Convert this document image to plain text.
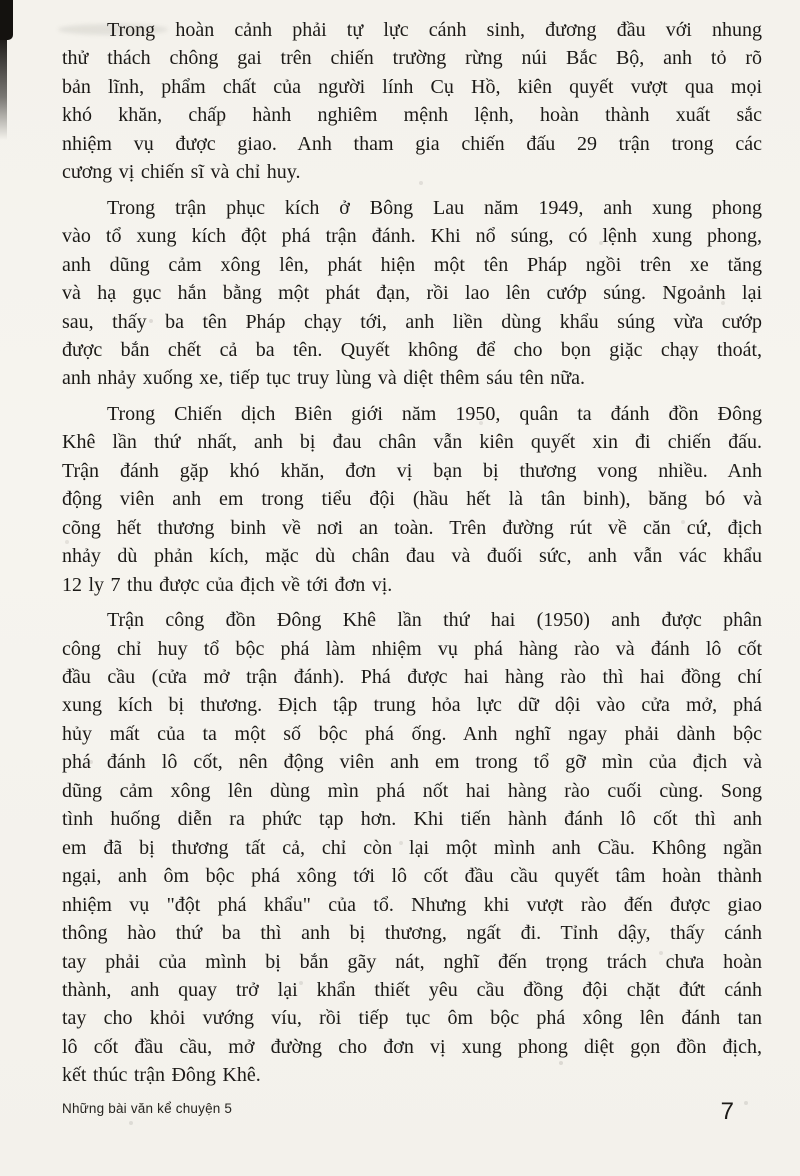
Trong hoàn cảnh phải tự lực cánh sinh, đương đầu với nhung
thử thách chông gai trên chiến trường rừng núi Bắc Bộ, anh tỏ rõ
bản lĩnh, phẩm chất của người lính Cụ Hồ, kiên quyết vượt qua mọi
khó khăn, chấp hành nghiêm mệnh lệnh, hoàn thành xuất sắc
nhiệm vụ được giao. Anh tham gia chiến đấu 29 trận trong các
cương vị chiến sĩ và chỉ huy.
Trong trận phục kích ở Bông Lau năm 1949, anh xung phong
vào tổ xung kích đột phá trận đánh. Khi nổ súng, có lệnh xung phong,
anh dũng cảm xông lên, phát hiện một tên Pháp ngồi trên xe tăng
và hạ gục hắn bằng một phát đạn, rồi lao lên cướp súng. Ngoảnh lại
sau, thấy ba tên Pháp chạy tới, anh liền dùng khẩu súng vừa cướp
được bắn chết cả ba tên. Quyết không để cho bọn giặc chạy thoát,
anh nhảy xuống xe, tiếp tục truy lùng và diệt thêm sáu tên nữa.
Trong Chiến dịch Biên giới năm 1950, quân ta đánh đồn Đông
Khê lần thứ nhất, anh bị đau chân vẫn kiên quyết xin đi chiến đấu.
Trận đánh gặp khó khăn, đơn vị bạn bị thương vong nhiều. Anh
động viên anh em trong tiểu đội (hầu hết là tân binh), băng bó và
cõng hết thương binh về nơi an toàn. Trên đường rút về căn cứ, địch
nhảy dù phản kích, mặc dù chân đau và đuối sức, anh vẫn vác khẩu
12 ly 7 thu được của địch về tới đơn vị.
Trận công đồn Đông Khê lần thứ hai (1950) anh được phân
công chỉ huy tổ bộc phá làm nhiệm vụ phá hàng rào và đánh lô cốt
đầu cầu (cửa mở trận đánh). Phá được hai hàng rào thì hai đồng chí
xung kích bị thương. Địch tập trung hỏa lực dữ dội vào cửa mở, phá
hủy mất của ta một số bộc phá ống. Anh nghĩ ngay phải dành bộc
phá đánh lô cốt, nên động viên anh em trong tổ gỡ mìn của địch và
dũng cảm xông lên dùng mìn phá nốt hai hàng rào cuối cùng. Song
tình huống diễn ra phức tạp hơn. Khi tiến hành đánh lô cốt thì anh
em đã bị thương tất cả, chỉ còn lại một mình anh Cầu. Không ngần
ngại, anh ôm bộc phá xông tới lô cốt đầu cầu quyết tâm hoàn thành
nhiệm vụ "đột phá khẩu" của tổ. Nhưng khi vượt rào đến được giao
thông hào thứ ba thì anh bị thương, ngất đi. Tỉnh dậy, thấy cánh
tay phải của mình bị bắn gãy nát, nghĩ đến trọng trách chưa hoàn
thành, anh quay trở lại khẩn thiết yêu cầu đồng đội chặt đứt cánh
tay cho khỏi vướng víu, rồi tiếp tục ôm bộc phá xông lên đánh tan
lô cốt đầu cầu, mở đường cho đơn vị xung phong diệt gọn đồn địch,
kết thúc trận Đông Khê.
Những bài văn kể chuyện 5	7
